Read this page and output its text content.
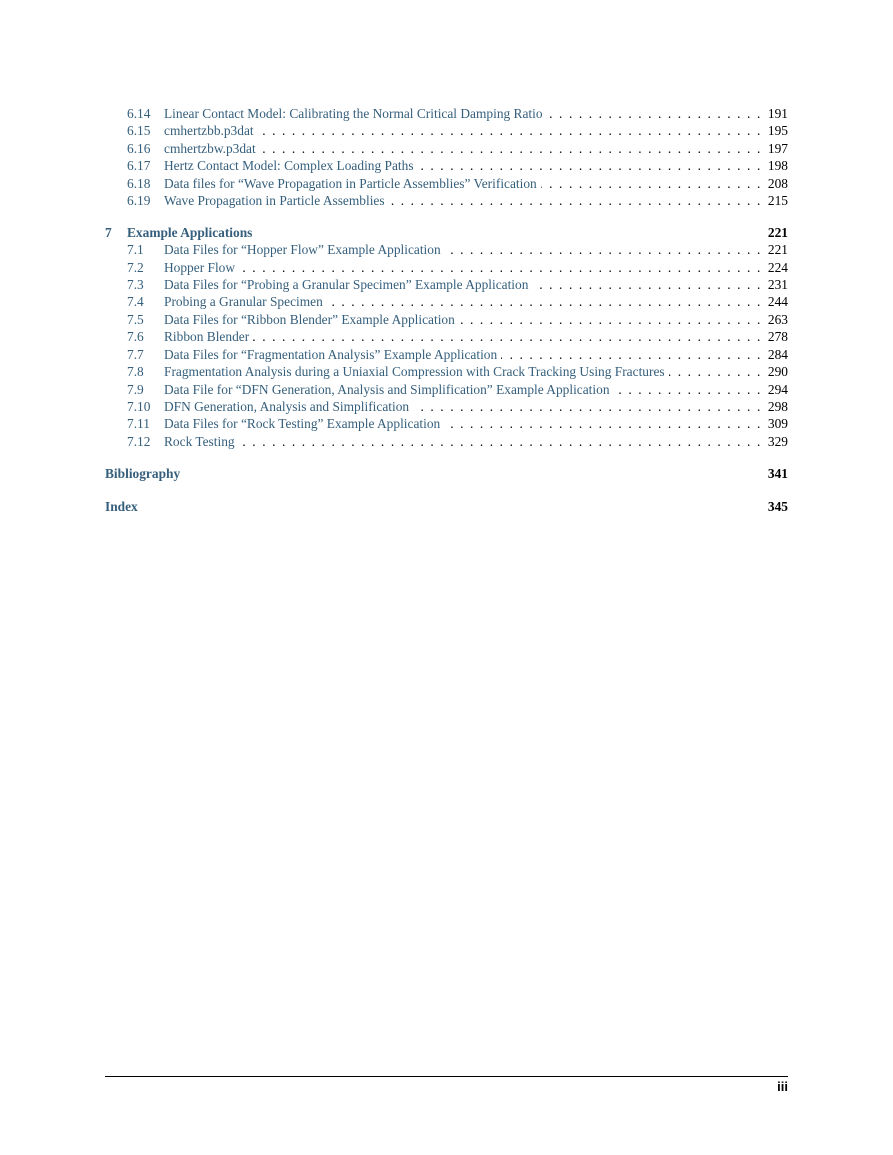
6.14	Linear Contact Model: Calibrating the Normal Critical Damping Ratio . . .	191
6.15	cmhertzbb.p3dat . . .	195
6.16	cmhertzbw.p3dat . . .	197
6.17	Hertz Contact Model: Complex Loading Paths . . .	198
6.18	Data files for “Wave Propagation in Particle Assemblies” Verification . . .	208
6.19	Wave Propagation in Particle Assemblies . . .	215
7	Example Applications	221
7.1	Data Files for “Hopper Flow” Example Application . . .	221
7.2	Hopper Flow . . .	224
7.3	Data Files for “Probing a Granular Specimen” Example Application . . .	231
7.4	Probing a Granular Specimen . . .	244
7.5	Data Files for “Ribbon Blender” Example Application . . .	263
7.6	Ribbon Blender . . .	278
7.7	Data Files for “Fragmentation Analysis” Example Application . . .	284
7.8	Fragmentation Analysis during a Uniaxial Compression with Crack Tracking Using Fractures . . .	290
7.9	Data File for “DFN Generation, Analysis and Simplification” Example Application . . .	294
7.10	DFN Generation, Analysis and Simplification . . .	298
7.11	Data Files for “Rock Testing” Example Application . . .	309
7.12	Rock Testing . . .	329
Bibliography	341
Index	345
iii
